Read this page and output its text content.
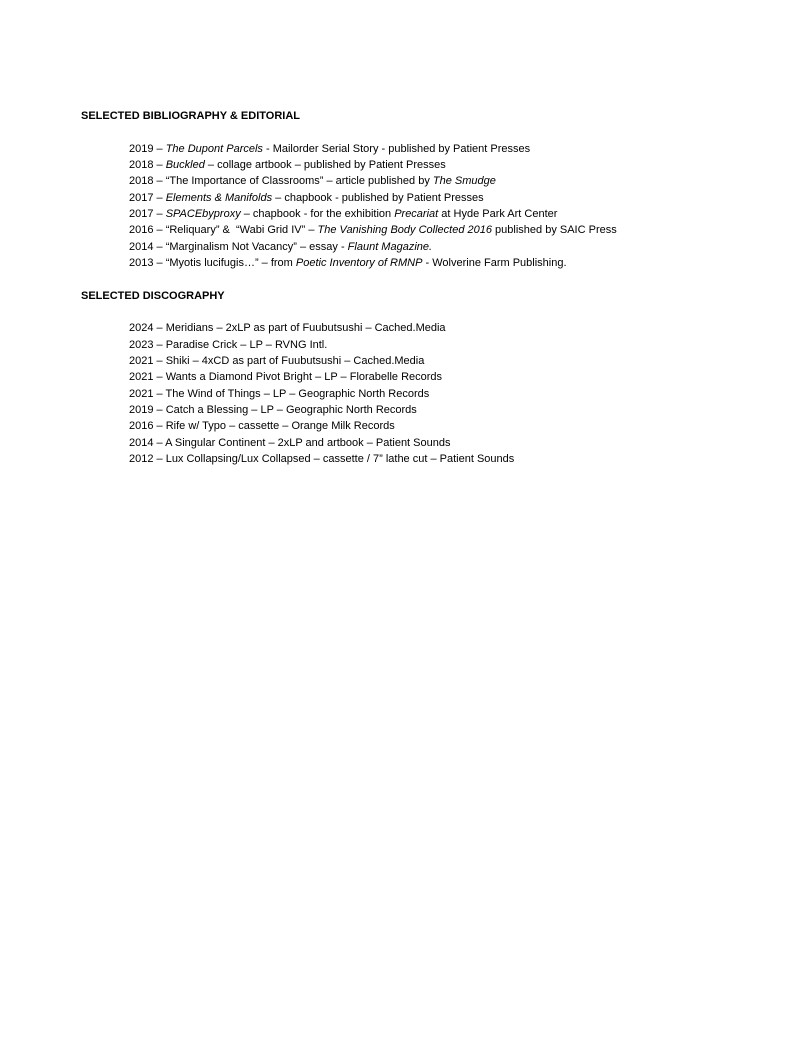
SELECTED BIBLIOGRAPHY & EDITORIAL
2019 – The Dupont Parcels - Mailorder Serial Story - published by Patient Presses
2018 – Buckled – collage artbook – published by Patient Presses
2018 – “The Importance of Classrooms” – article published by The Smudge
2017 – Elements & Manifolds – chapbook - published by Patient Presses
2017 – SPACEbyproxy – chapbook - for the exhibition Precariat at Hyde Park Art Center
2016 – “Reliquary” &  “Wabi Grid IV” – The Vanishing Body Collected 2016 published by SAIC Press
2014 – “Marginalism Not Vacancy” – essay - Flaunt Magazine.
2013 – “Myotis lucifugis…” – from Poetic Inventory of RMNP - Wolverine Farm Publishing.
SELECTED DISCOGRAPHY
2024 – Meridians – 2xLP as part of Fuubutsushi – Cached.Media
2023 – Paradise Crick – LP – RVNG Intl.
2021 – Shiki – 4xCD as part of Fuubutsushi – Cached.Media
2021 – Wants a Diamond Pivot Bright – LP – Florabelle Records
2021 – The Wind of Things – LP – Geographic North Records
2019 – Catch a Blessing – LP – Geographic North Records
2016 – Rife w/ Typo – cassette – Orange Milk Records
2014 – A Singular Continent – 2xLP and artbook – Patient Sounds
2012 – Lux Collapsing/Lux Collapsed – cassette / 7” lathe cut – Patient Sounds
